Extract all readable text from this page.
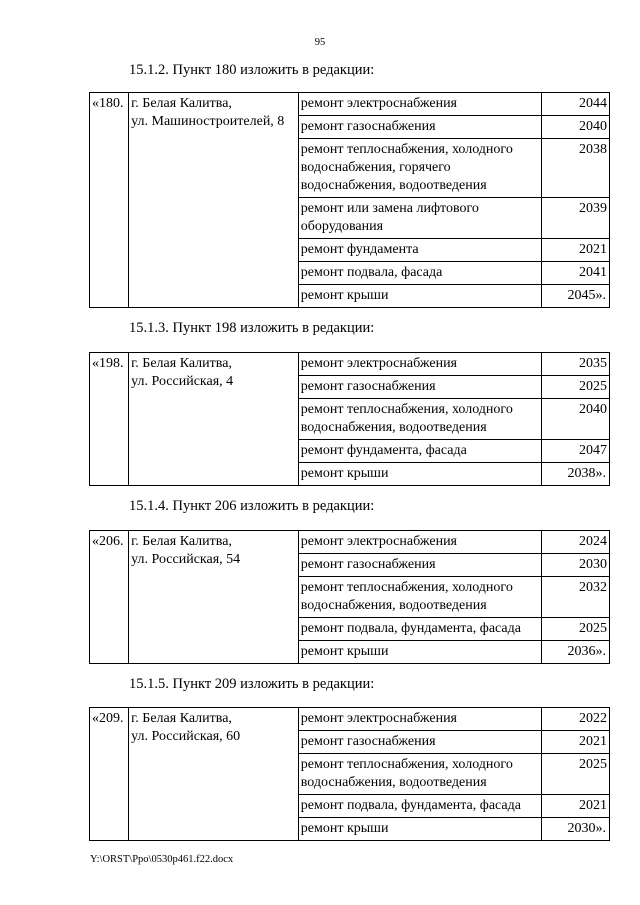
95
15.1.2. Пункт 180 изложить в редакции:
«180.	г. Белая Калитва,
ул. Машиностроителей, 8	ремонт электроснабжения	2044
		ремонт газоснабжения	2040
		ремонт теплоснабжения, холодного водоснабжения, горячего водоснабжения, водоотведения	2038
		ремонт или замена лифтового оборудования	2039
		ремонт фундамента	2021
		ремонт подвала, фасада	2041
		ремонт крыши	2045».
15.1.3. Пункт 198 изложить в редакции:
«198.	г. Белая Калитва,
ул. Российская, 4	ремонт электроснабжения	2035
		ремонт газоснабжения	2025
		ремонт теплоснабжения, холодного водоснабжения, водоотведения	2040
		ремонт фундамента, фасада	2047
		ремонт крыши	2038».
15.1.4. Пункт 206 изложить в редакции:
«206.	г. Белая Калитва,
ул. Российская, 54	ремонт электроснабжения	2024
		ремонт газоснабжения	2030
		ремонт теплоснабжения, холодного водоснабжения, водоотведения	2032
		ремонт подвала, фундамента, фасада	2025
		ремонт крыши	2036».
15.1.5. Пункт 209 изложить в редакции:
«209.	г. Белая Калитва,
ул. Российская, 60	ремонт электроснабжения	2022
		ремонт газоснабжения	2021
		ремонт теплоснабжения, холодного водоснабжения, водоотведения	2025
		ремонт подвала, фундамента, фасада	2021
		ремонт крыши	2030».
Y:\ORST\Ppo\0530p461.f22.docx
